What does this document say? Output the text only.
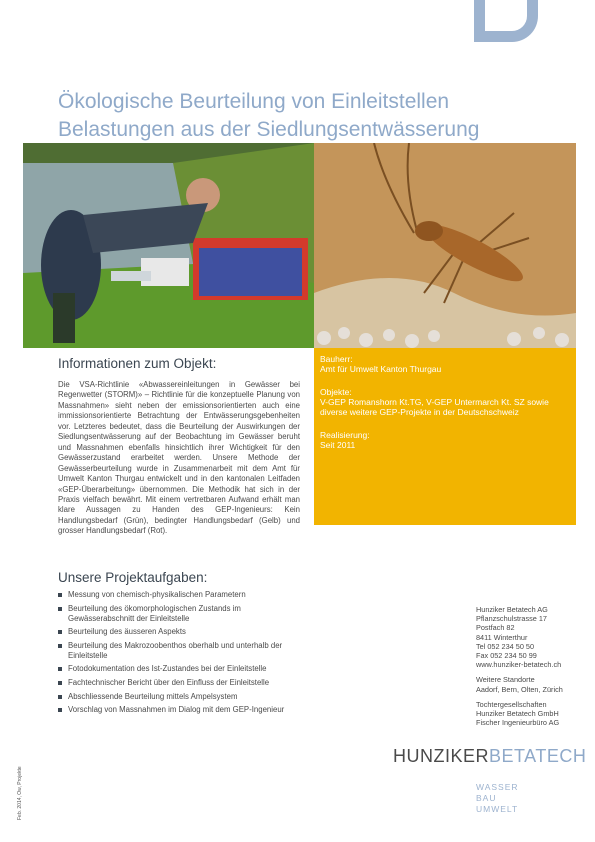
Ökologische Beurteilung von Einleitstellen
Belastungen aus der Siedlungsentwässerung
Bauherr:
Amt für Umwelt Kanton Thurgau
Objekte:
V-GEP Romanshorn Kt.TG, V-GEP Untermarch Kt. SZ sowie
diverse weitere GEP-Projekte in der Deutschschweiz
Realisierung:
Seit 2011
Informationen zum Objekt:
Die VSA-Richtlinie «Abwassereinleitungen in Gewässer bei Regenwetter (STORM)» – Richtlinie für die konzeptuelle Planung von Massnahmen» sieht neben der emissionsorientierten auch eine immissionsorientierte Betrachtung der Entwässerungsgebenheiten vor. Letzteres bedeutet, dass die Beurteilung der Auswirkungen der Siedlungsentwässerung auf der Beobachtung im Gewässer beruht und Massnahmen ebenfalls hinsichtlich ihrer Wichtigkeit für den Gewässerzustand erarbeitet werden. Unsere Methode der Gewässerbeurteilung wurde in Zusammenarbeit mit dem Amt für Umwelt Kanton Thurgau entwickelt und in den kantonalen Leitfaden «GEP-Überarbeitung» übernommen. Die Methodik hat sich in der Praxis vielfach bewährt. Mit einem vertretbaren Aufwand erhält man klare Aussagen zu Handen des GEP-Ingenieurs: Kein Handlungsbedarf (Grün), bedingter Handlungsbedarf (Gelb) und grosser Handlungsbedarf (Rot).
Unsere Projektaufgaben:
Messung von chemisch-physikalischen Parametern
Beurteilung des ökomorphologischen Zustands im Gewässerabschnitt der Einleitstelle
Beurteilung des äusseren Aspekts
Beurteilung des Makrozoobenthos oberhalb und unterhalb der Einleitstelle
Fotodokumentation des Ist-Zustandes bei der Einleitstelle
Fachtechnischer Bericht über den Einfluss der Einleitstelle
Abschliessende Beurteilung mittels Ampelsystem
Vorschlag von Massnahmen im Dialog mit dem GEP-Ingenieur
Hunziker Betatech AG
Pflanzschulstrasse 17
Postfach 82
8411 Winterthur
Tel 052 234 50 50
Fax 052 234 50 99
www.hunziker-betatech.ch
Weitere Standorte
Aadorf, Bern, Olten, Zürich
Tochtergesellschaften
Hunziker Betatech GmbH
Fischer Ingenieurbüro AG
HUNZIKERBETATECH
WASSER
BAU
UMWELT
Feb. 2014, Ow, Projekte
